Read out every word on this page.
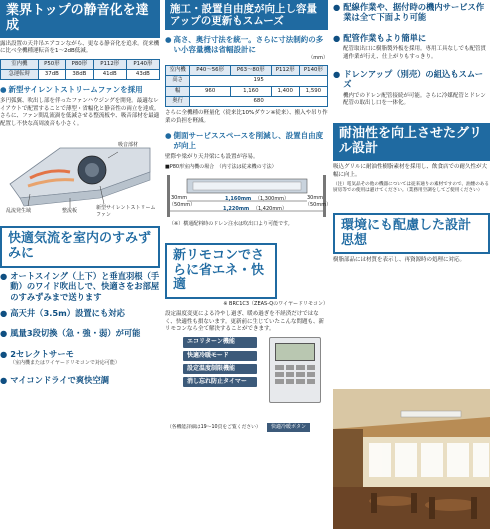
業界トップの静音化を達成

露出設置の天井吊エアコンながら、更なる静音化を追求。従来機に比べ全機種運転音を1〜2dB低減。

室内機	P50形	P80形	P112形	P140形
急運転時	37dB	38dB	41dB	43dB
● 新型サイレントストリームファンを採用

多円弧翼、吹出し部を伴ったファンハウジングを開発。最適なレイアウトで配置することで薄型・省幅化と静音性の両立を達成。さらに、ファン間乱流渦を低減させる整流板や、吸音部材を最適配置し不快な高周波音も小さく。

吸音部材
整流板
乱流発生域	新型サイレントストリームファン
快適気流を室内のすみずみに
● オートスイング（上下）と垂直羽根（手動）のワイド吹出しで、快適さをお部屋のすみずみまで送ります
● 高天井（3.5m）設置にも対応
● 風量3段切換（急・強・弱）が可能
● 2セレクトサーモ
（室内機またはワイヤードリモコンで対応可能）
● マイコンドライで爽快空調
施工・設置自由度が向上し容量アップの更新もスムーズ
● 高さ、奥行寸法を統一。さらに寸法制約の多い小容量機は省幅設計に
（mm）
室内機	P40〜56形	P63〜80形	P112形	P140形
高さ	195			
幅	960	1,160	1,400	1,590
奥行	680			

さらに全機種の軽量化（従来比10%ダウン※従来）、搬入や吊り作業の負担を軽減。

● 側面サービススペースを削減し、設置自由度が向上

壁際や梁がり天井梁にも設置が容易。

■P80形室内機の場合　（内寸法は従来機の寸法）
1,160mm （1,300mm）
1,220mm （1,420mm）
30mm
（50mm）
30mm
（50mm）
（※）横通配料時のドレン注水は吹出口より可能です。
新リモコンでさらに省エネ・快適
※ BRC1C3（ZEAS-Qのワイヤードリモコン）

設定温度変更による冷やし過ぎ、暖め過ぎを不経済だけではなく、快適性も損ないます。更新前に生じていたこんな問題も、新リモコンなら全て解決することができます。

エコリターン機能
快適冷暖モード
設定温度制限機能
消し忘れ防止タイマー
（各機能詳細は19〜10頁をご覧ください）	快適冷暖ボタン
● 配線作業や、据付時の機内サービス作業は全て下面より可能
● 配管作業もより簡単に

配管取出口に樹脂製外板を採用。専用工具なしでも配管貫通作業が行え、仕上がりもすっきり。

● ドレンアップ（別売）の組込もスムーズ

機内でのドレン配管接続が可能。さらに冷媒配管とドレン配管の取出し口を一体化。

耐油性を向上させたグリル設計

吸込グリルに耐油性樹脂素材を採用し、飲食店での耐久性が大幅に向上。

（注）電気品その他の機器については従来通りの素材ですので、油煙のある厨房等での使用は避けてください。（業務用空調をしてご使用ください）

環境にも配慮した設計思想

樹脂部品には材質を表示し、再資源時の処理に対応。
